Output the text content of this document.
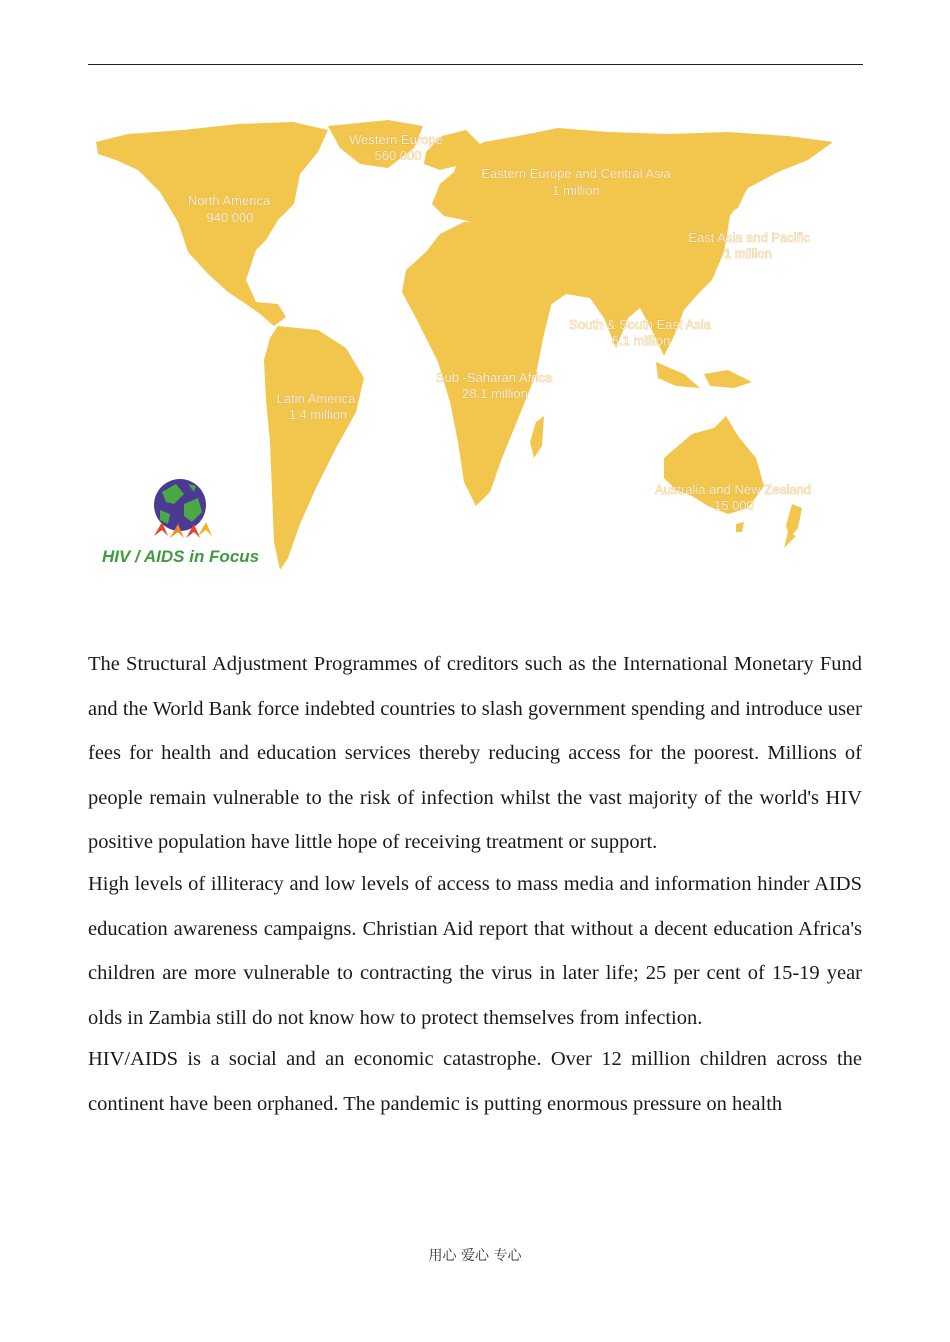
Western Europe
560 000
Eastern Europe and Central Asia
1 million
North America
940 000
East Asia and Pacific
1 million
South & South East Asia
6.1 million
Sub -Saharan Africa
28.1 million
Latin America
1.4 million
Australia and New Zealand
15 000
HIV / AIDS in Focus

The Structural Adjustment Programmes of creditors such as the International Monetary Fund and the World Bank force indebted countries to slash government spending and introduce user fees for health and education services thereby reducing access for the poorest. Millions of people remain vulnerable to the risk of infection whilst the vast majority of the world's HIV positive population have little hope of receiving treatment or support.

High levels of illiteracy and low levels of access to mass media and information hinder AIDS education awareness campaigns. Christian Aid report that without a decent education Africa's children are more vulnerable to contracting the virus in later life; 25 per cent of 15-19 year olds in Zambia still do not know how to protect themselves from infection.

HIV/AIDS is a social and an economic catastrophe. Over 12 million children across the continent have been orphaned. The pandemic is putting enormous pressure on health

用心 爱心 专心
